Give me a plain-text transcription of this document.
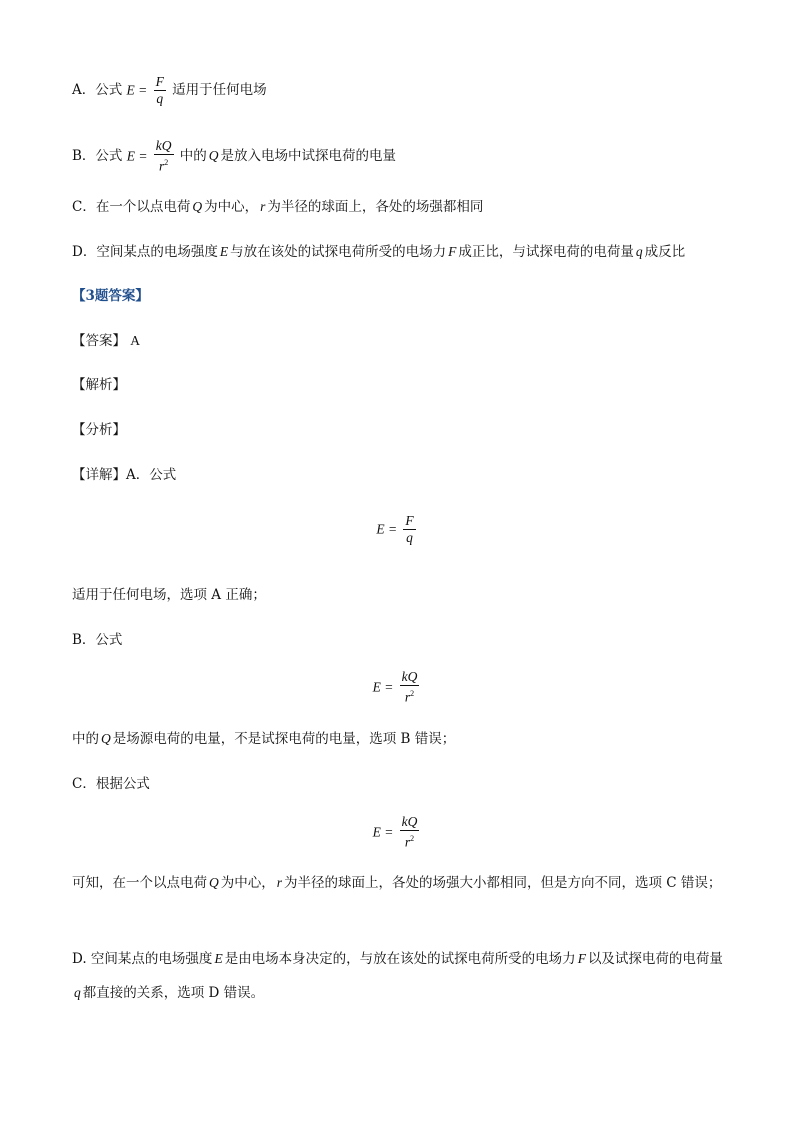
A．公式 $E = \frac{F}{q}$ 适用于任何电场
B．公式 $E = \frac{kQ}{r^2}$ 中的 Q 是放入电场中试探电荷的电量
C．在一个以点电荷 Q 为中心， r 为半径的球面上，各处的场强都相同
D．空间某点的电场强度 E 与放在该处的试探电荷所受的电场力 F 成正比，与试探电荷的电荷量 q 成反比
【3题答案】
【答案】 A
【解析】
【分析】
【详解】A．公式
$E = \frac{F}{q}$
适用于任何电场，选项 A 正确；
B．公式
$E = \frac{kQ}{r^2}$
中的 Q 是场源电荷的电量，不是试探电荷的电量，选项 B 错误；
C．根据公式
$E = \frac{kQ}{r^2}$
可知，在一个以点电荷 Q 为中心， r 为半径的球面上，各处的场强大小都相同，但是方向不同，选项 C 错误；
D. 空间某点的电场强度 E 是由电场本身决定的，与放在该处的试探电荷所受的电场力 F 以及试探电荷的电荷量q 都直接的关系，选项 D 错误。
